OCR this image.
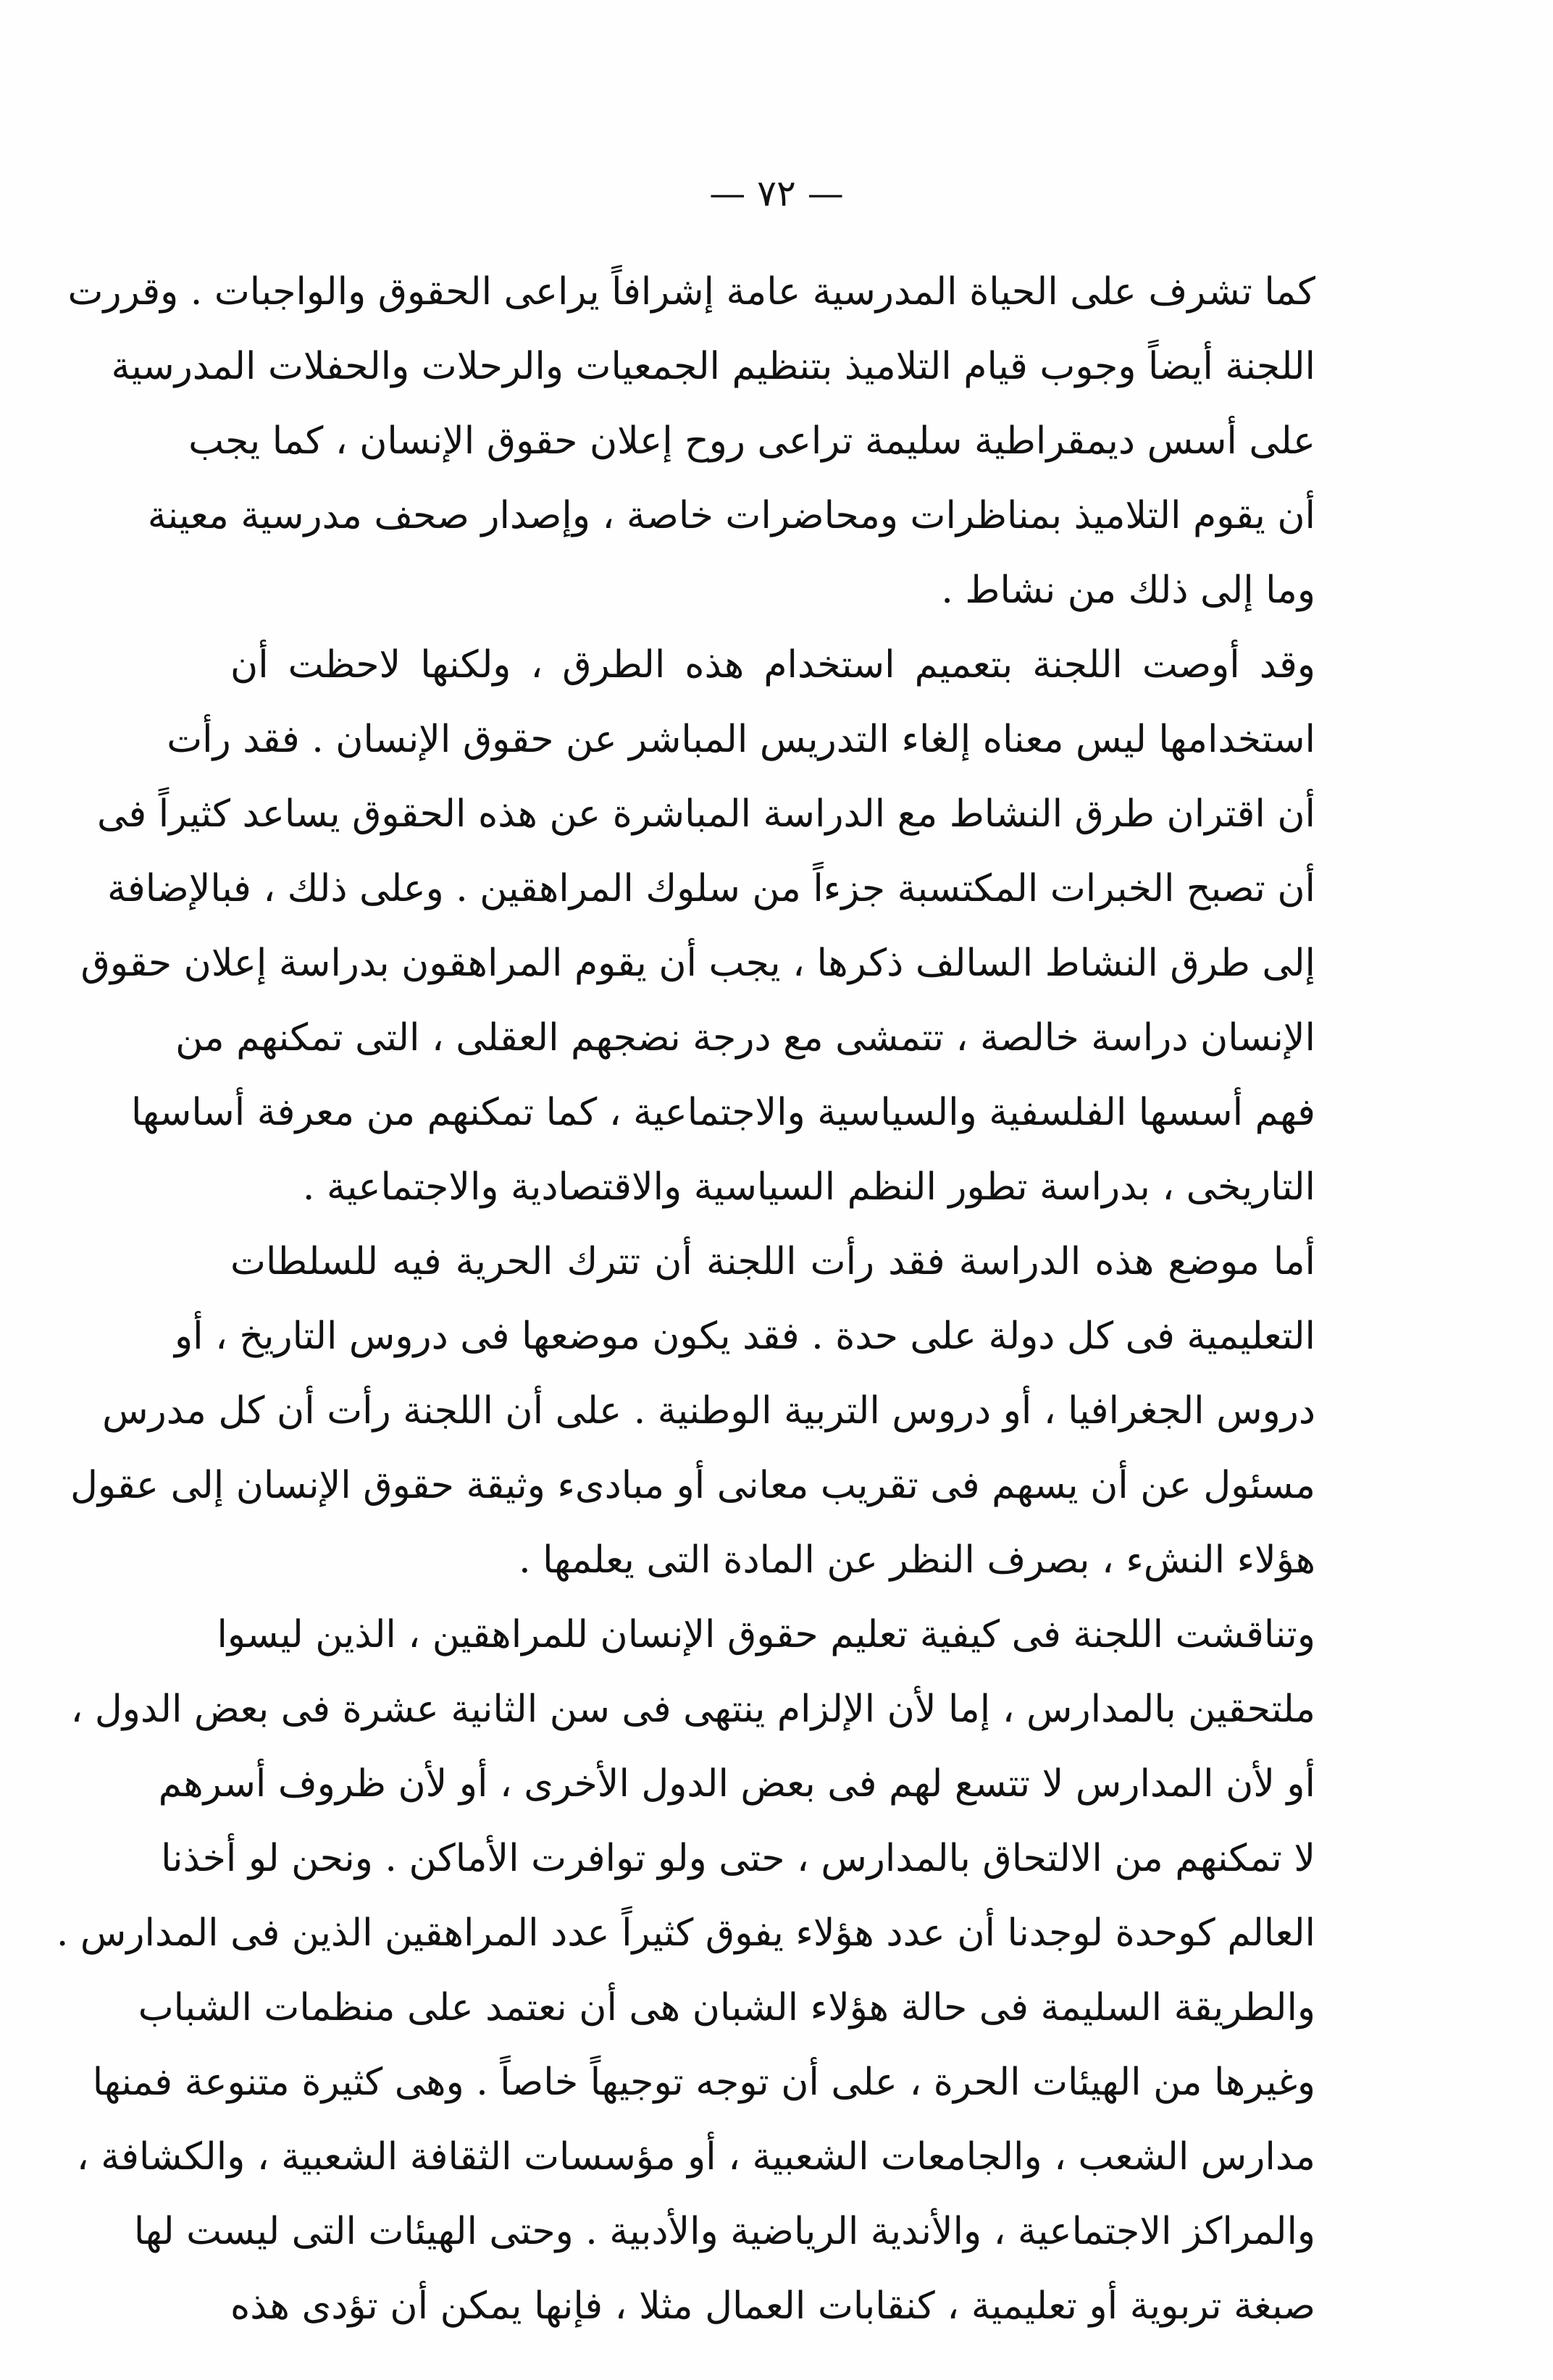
— ٧٢ —
كما تشرف على الحياة المدرسية عامة إشرافاً يراعى الحقوق والواجبات . وقررت
اللجنة أيضاً وجوب قيام التلاميذ بتنظيم الجمعيات والرحلات والحفلات المدرسية
على أسس ديمقراطية سليمة تراعى روح إعلان حقوق الإنسان ، كما يجب
أن يقوم التلاميذ بمناظرات ومحاضرات خاصة ، وإصدار صحف مدرسية معينة
وما إلى ذلك من نشاط .
وقد أوصت اللجنة بتعميم استخدام هذه الطرق ، ولكنها لاحظت أن
استخدامها ليس معناه إلغاء التدريس المباشر عن حقوق الإنسان . فقد رأت
أن اقتران طرق النشاط مع الدراسة المباشرة عن هذه الحقوق يساعد كثيراً فى
أن تصبح الخبرات المكتسبة جزءاً من سلوك المراهقين . وعلى ذلك ، فبالإضافة
إلى طرق النشاط السالف ذكرها ، يجب أن يقوم المراهقون بدراسة إعلان حقوق
الإنسان دراسة خالصة ، تتمشى مع درجة نضجهم العقلى ، التى تمكنهم من
فهم أسسها الفلسفية والسياسية والاجتماعية ، كما تمكنهم من معرفة أساسها
التاريخى ، بدراسة تطور النظم السياسية والاقتصادية والاجتماعية .
أما موضع هذه الدراسة فقد رأت اللجنة أن تترك الحرية فيه للسلطات
التعليمية فى كل دولة على حدة . فقد يكون موضعها فى دروس التاريخ ، أو
دروس الجغرافيا ، أو دروس التربية الوطنية . على أن اللجنة رأت أن كل مدرس
مسئول عن أن يسهم فى تقريب معانى أو مبادىء وثيقة حقوق الإنسان إلى عقول
هؤلاء النشء ، بصرف النظر عن المادة التى يعلمها .
وتناقشت اللجنة فى كيفية تعليم حقوق الإنسان للمراهقين ، الذين ليسوا
ملتحقين بالمدارس ، إما لأن الإلزام ينتهى فى سن الثانية عشرة فى بعض الدول ،
أو لأن المدارس لا تتسع لهم فى بعض الدول الأخرى ، أو لأن ظروف أسرهم
لا تمكنهم من الالتحاق بالمدارس ، حتى ولو توافرت الأماكن . ونحن لو أخذنا
العالم كوحدة لوجدنا أن عدد هؤلاء يفوق كثيراً عدد المراهقين الذين فى المدارس .
والطريقة السليمة فى حالة هؤلاء الشبان هى أن نعتمد على منظمات الشباب
وغيرها من الهيئات الحرة ، على أن توجه توجيهاً خاصاً . وهى كثيرة متنوعة فمنها
مدارس الشعب ، والجامعات الشعبية ، أو مؤسسات الثقافة الشعبية ، والكشافة ،
والمراكز الاجتماعية ، والأندية الرياضية والأدبية . وحتى الهيئات التى ليست لها
صبغة تربوية أو تعليمية ، كنقابات العمال مثلا ، فإنها يمكن أن تؤدى هذه
